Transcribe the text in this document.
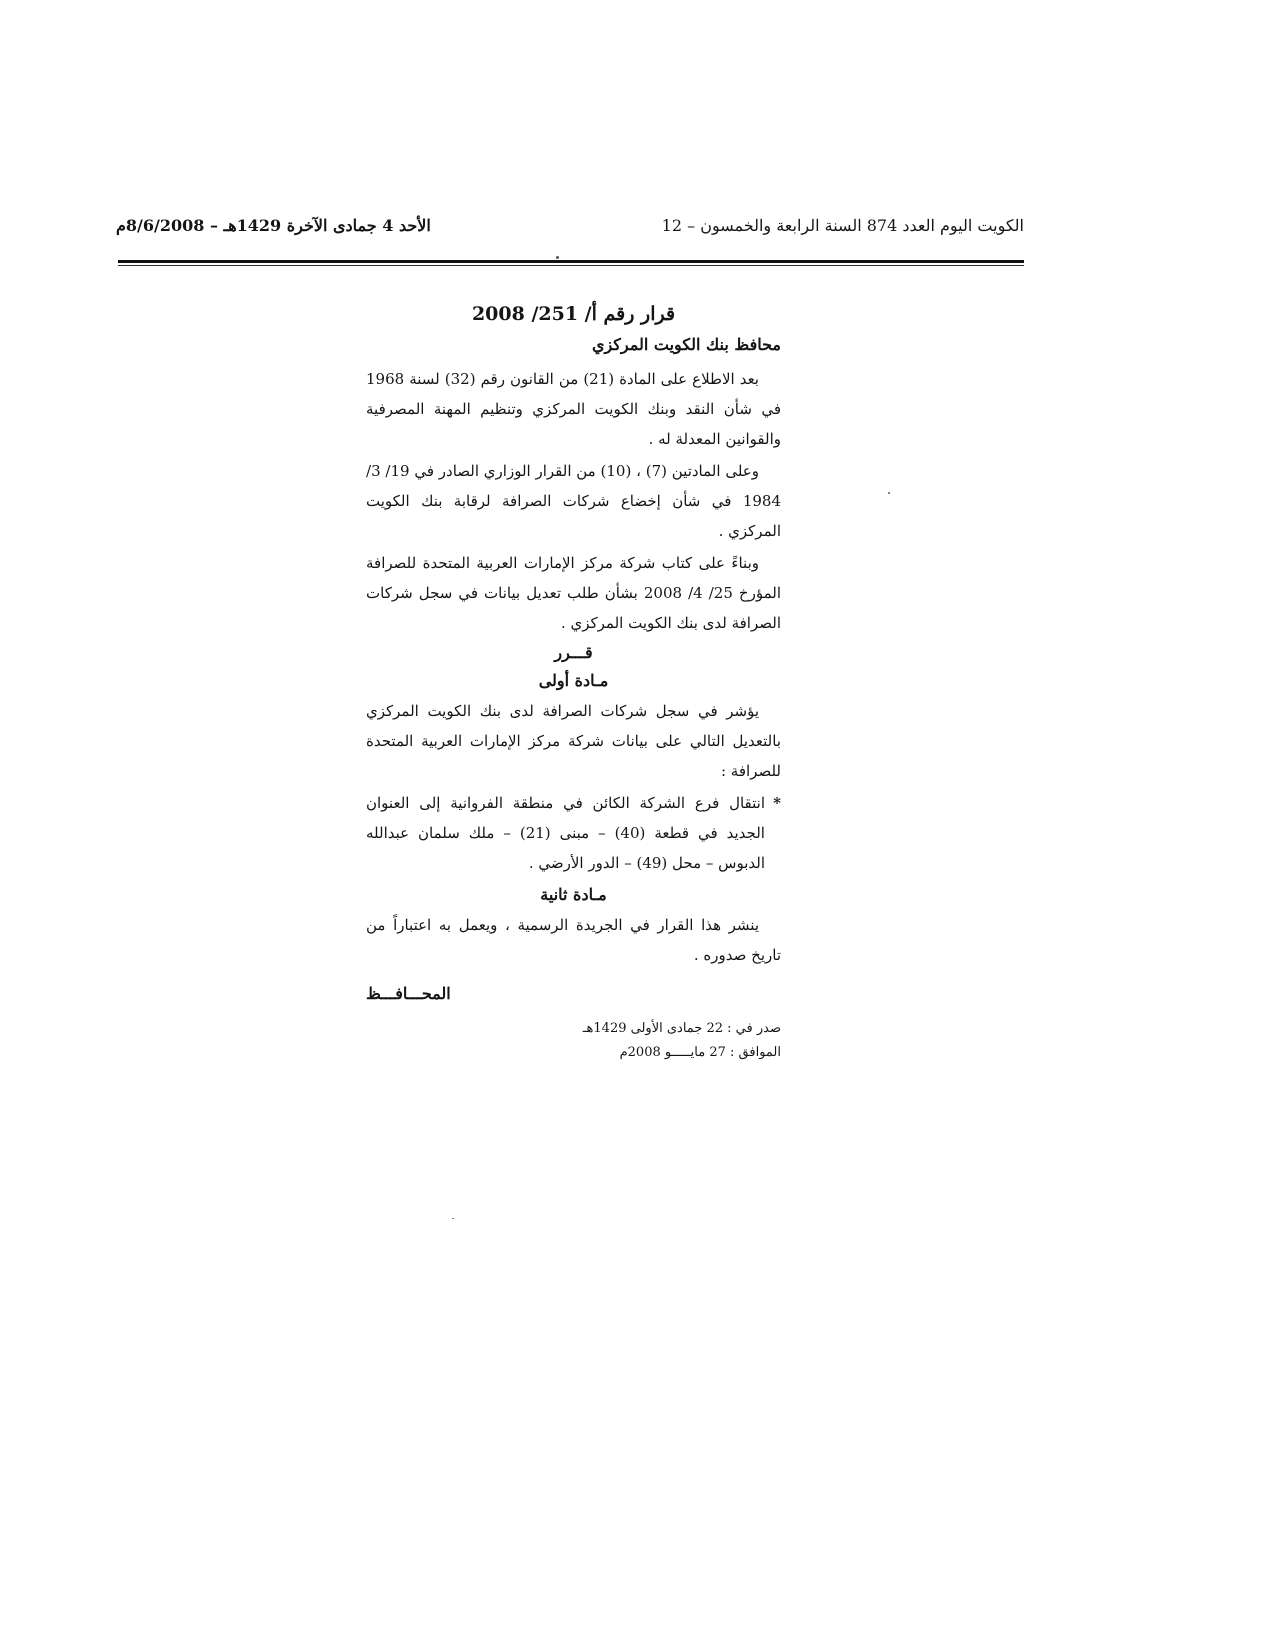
الكويت اليوم العدد 874 السنة الرابعة والخمسون – 12
الأحد 4 جمادى الآخرة 1429هـ – 8/6/2008م
قرار رقم أ/ 251/ 2008
محافظ بنك الكويت المركزي

بعد الاطلاع على المادة (21) من القانون رقم (32) لسنة 1968 في شأن النقد وبنك الكويت المركزي وتنظيم المهنة المصرفية والقوانين المعدلة له .

وعلى المادتين (7) ، (10) من القرار الوزاري الصادر في 19/ 3/ 1984 في شأن إخضاع شركات الصرافة لرقابة بنك الكويت المركزي .

وبناءً على كتاب شركة مركز الإمارات العربية المتحدة للصرافة المؤرخ 25/ 4/ 2008 بشأن طلب تعديل بيانات في سجل شركات الصرافة لدى بنك الكويت المركزي .

قـــرر
مـادة أولى

يؤشر في سجل شركات الصرافة لدى بنك الكويت المركزي بالتعديل التالي على بيانات شركة مركز الإمارات العربية المتحدة للصرافة :

*
انتقال فرع الشركة الكائن في منطقة الفروانية إلى العنوان الجديد في قطعة (40) – مبنى (21) – ملك سلمان عبدالله الدبوس – محل (49) – الدور الأرضي .
مـادة ثانية

ينشر هذا القرار في الجريدة الرسمية ، ويعمل به اعتباراً من تاريخ صدوره .

المحـــافـــظ
صدر في : 22 جمادى الأولى 1429هـ
الموافق : 27 مايـــــو 2008م
